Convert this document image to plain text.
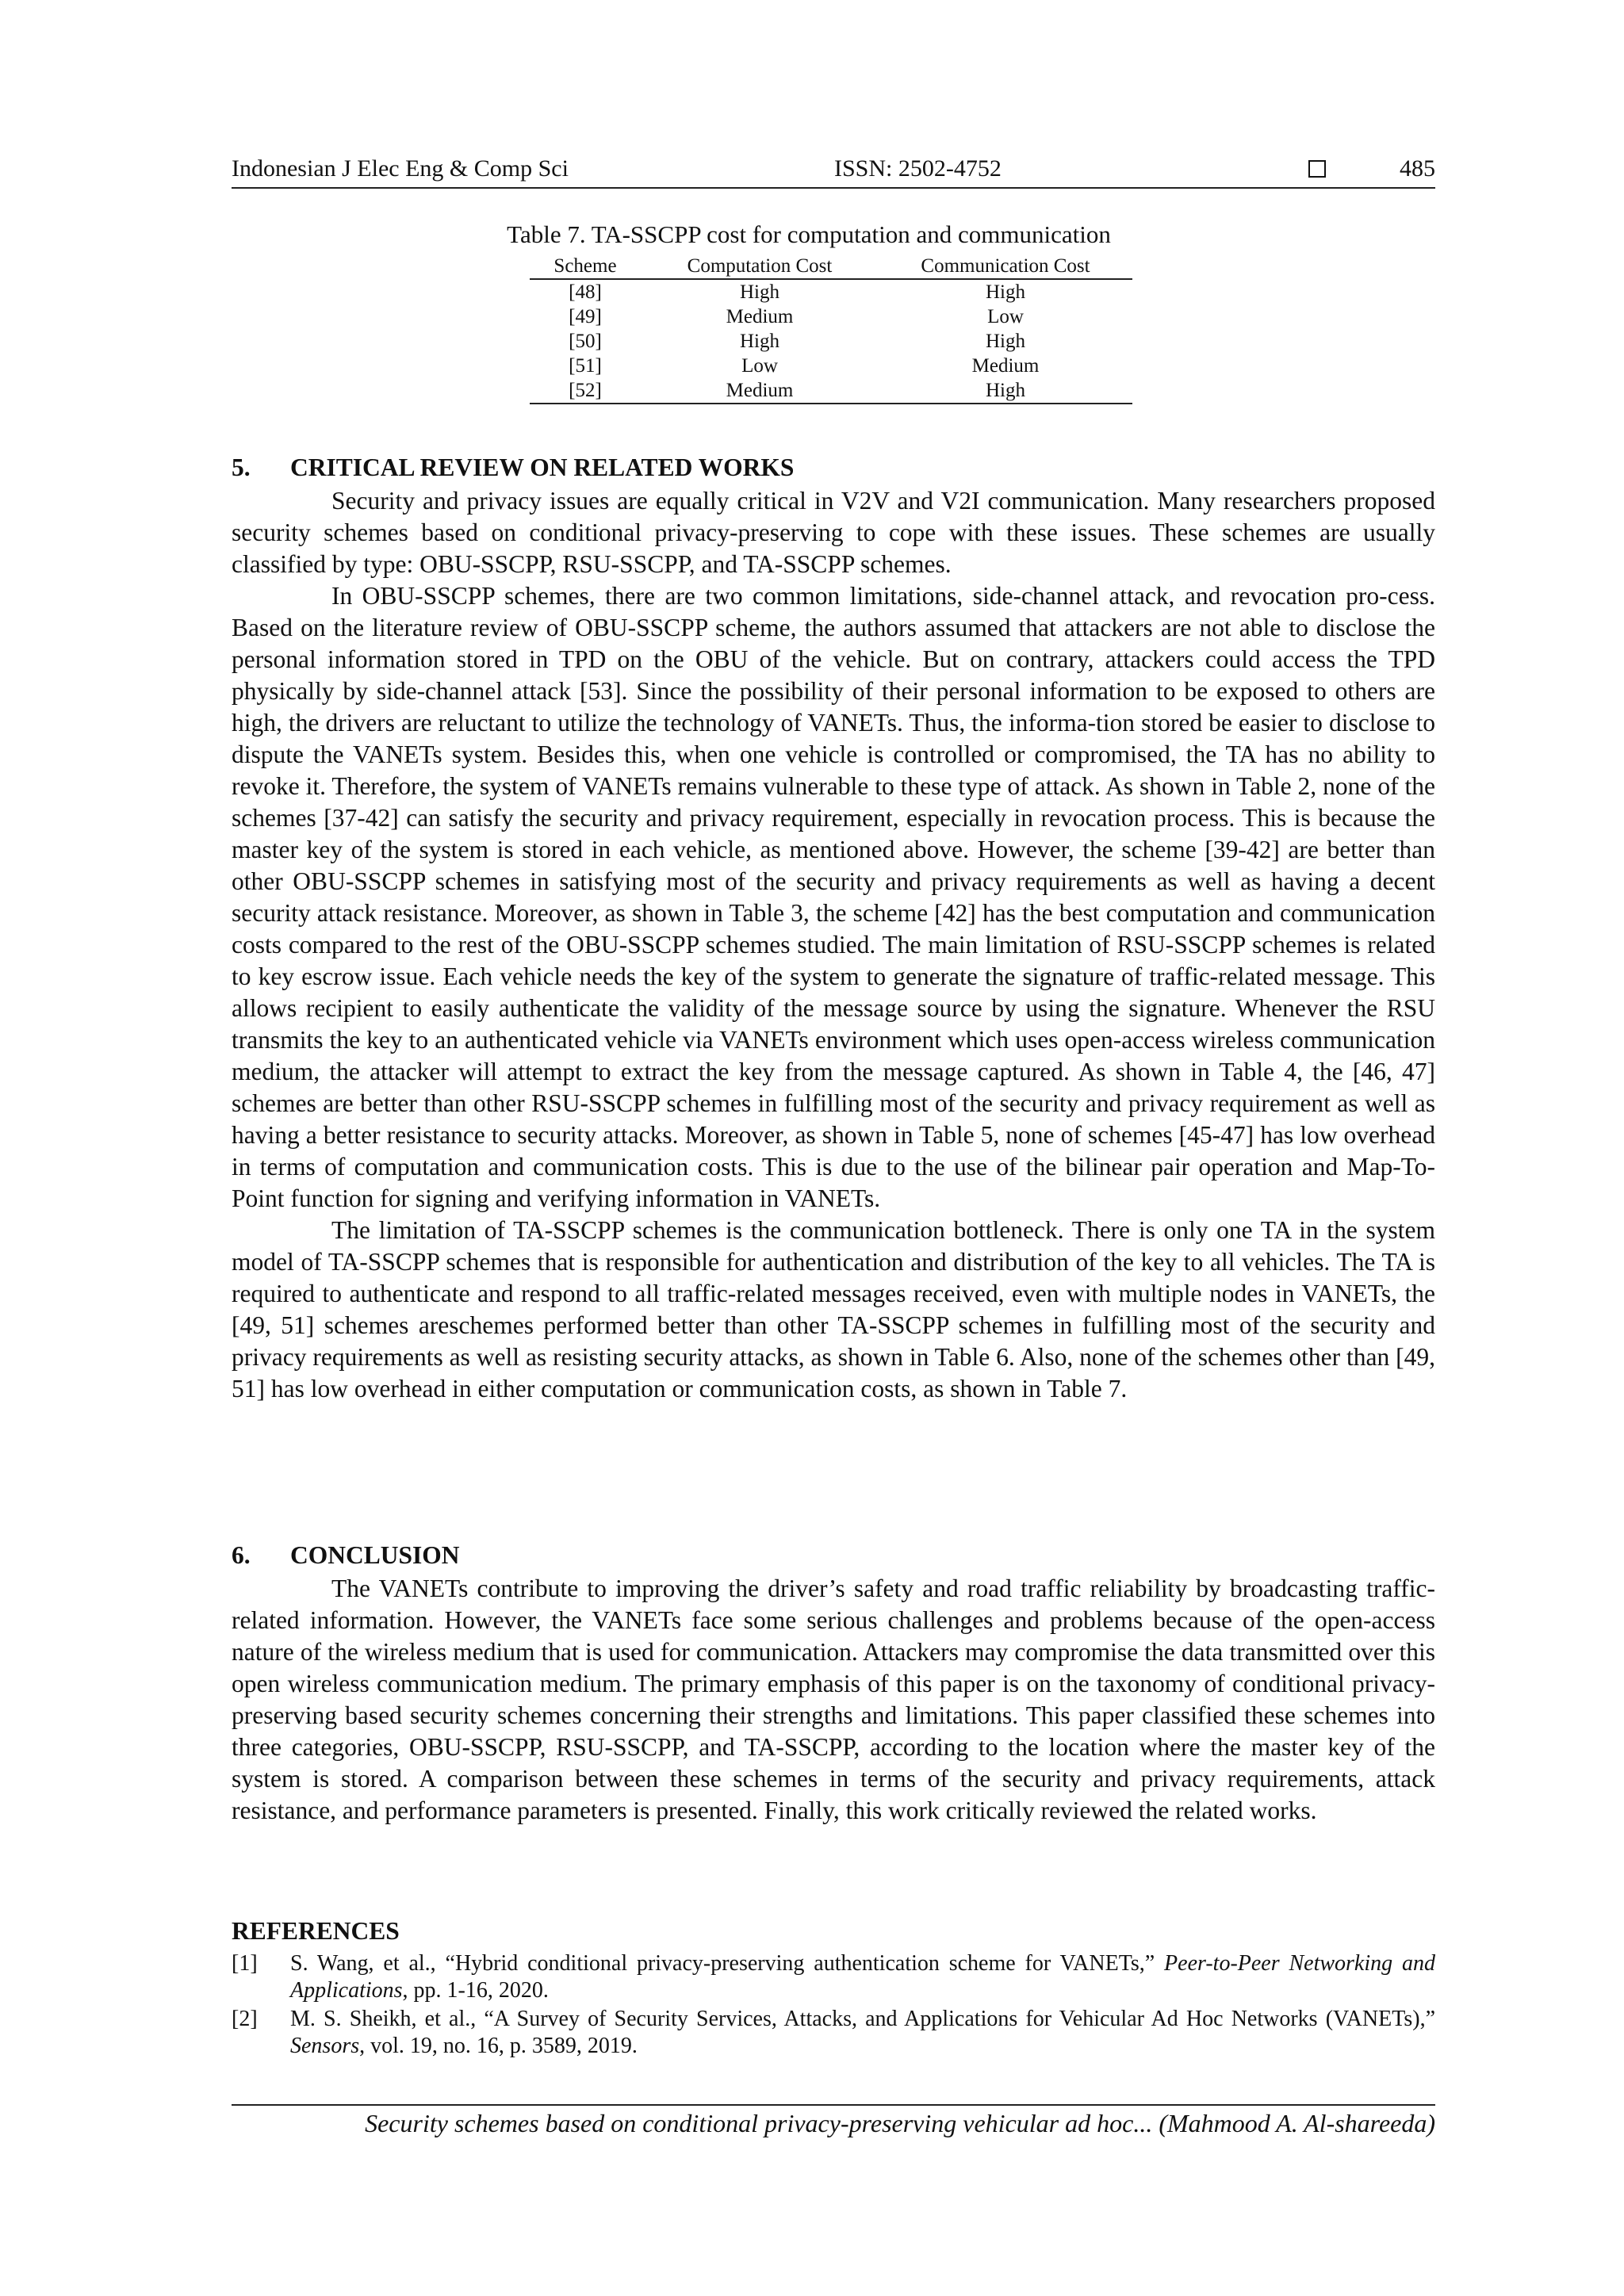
Indonesian J Elec Eng & Comp Sci	ISSN: 2502-4752	485
Table 7. TA-SSCPP cost for computation and communication
Scheme	Computation Cost	Communication Cost
[48]	High	High
[49]	Medium	Low
[50]	High	High
[51]	Low	Medium
[52]	Medium	High
5. CRITICAL REVIEW ON RELATED WORKS

Security and privacy issues are equally critical in V2V and V2I communication. Many researchers proposed security schemes based on conditional privacy-preserving to cope with these issues. These schemes are usually classified by type: OBU-SSCPP, RSU-SSCPP, and TA-SSCPP schemes.

In OBU-SSCPP schemes, there are two common limitations, side-channel attack, and revocation pro-cess. Based on the literature review of OBU-SSCPP scheme, the authors assumed that attackers are not able to disclose the personal information stored in TPD on the OBU of the vehicle. But on contrary, attackers could access the TPD physically by side-channel attack [53]. Since the possibility of their personal information to be exposed to others are high, the drivers are reluctant to utilize the technology of VANETs. Thus, the informa-tion stored be easier to disclose to dispute the VANETs system. Besides this, when one vehicle is controlled or compromised, the TA has no ability to revoke it. Therefore, the system of VANETs remains vulnerable to these type of attack. As shown in Table 2, none of the schemes [37-42] can satisfy the security and privacy requirement, especially in revocation process. This is because the master key of the system is stored in each vehicle, as mentioned above. However, the scheme [39-42] are better than other OBU-SSCPP schemes in satisfying most of the security and privacy requirements as well as having a decent security attack resistance. Moreover, as shown in Table 3, the scheme [42] has the best computation and communication costs compared to the rest of the OBU-SSCPP schemes studied. The main limitation of RSU-SSCPP schemes is related to key escrow issue. Each vehicle needs the key of the system to generate the signature of traffic-related message. This allows recipient to easily authenticate the validity of the message source by using the signature. Whenever the RSU transmits the key to an authenticated vehicle via VANETs environment which uses open-access wireless communication medium, the attacker will attempt to extract the key from the message captured. As shown in Table 4, the [46, 47] schemes are better than other RSU-SSCPP schemes in fulfilling most of the security and privacy requirement as well as having a better resistance to security attacks. Moreover, as shown in Table 5, none of schemes [45-47] has low overhead in terms of computation and communication costs. This is due to the use of the bilinear pair operation and Map-To-Point function for signing and verifying information in VANETs.

The limitation of TA-SSCPP schemes is the communication bottleneck. There is only one TA in the system model of TA-SSCPP schemes that is responsible for authentication and distribution of the key to all vehicles. The TA is required to authenticate and respond to all traffic-related messages received, even with multiple nodes in VANETs, the [49, 51] schemes areschemes performed better than other TA-SSCPP schemes in fulfilling most of the security and privacy requirements as well as resisting security attacks, as shown in Table 6. Also, none of the schemes other than [49, 51] has low overhead in either computation or communication costs, as shown in Table 7.

6. CONCLUSION

The VANETs contribute to improving the driver’s safety and road traffic reliability by broadcasting traffic-related information. However, the VANETs face some serious challenges and problems because of the open-access nature of the wireless medium that is used for communication. Attackers may compromise the data transmitted over this open wireless communication medium. The primary emphasis of this paper is on the taxonomy of conditional privacy-preserving based security schemes concerning their strengths and limitations. This paper classified these schemes into three categories, OBU-SSCPP, RSU-SSCPP, and TA-SSCPP, according to the location where the master key of the system is stored. A comparison between these schemes in terms of the security and privacy requirements, attack resistance, and performance parameters is presented. Finally, this work critically reviewed the related works.

REFERENCES
[1] S. Wang, et al., “Hybrid conditional privacy-preserving authentication scheme for VANETs,” Peer-to-Peer Networking and Applications, pp. 1-16, 2020.
[2] M. S. Sheikh, et al., “A Survey of Security Services, Attacks, and Applications for Vehicular Ad Hoc Networks (VANETs),” Sensors, vol. 19, no. 16, p. 3589, 2019.
Security schemes based on conditional privacy-preserving vehicular ad hoc... (Mahmood A. Al-shareeda)
